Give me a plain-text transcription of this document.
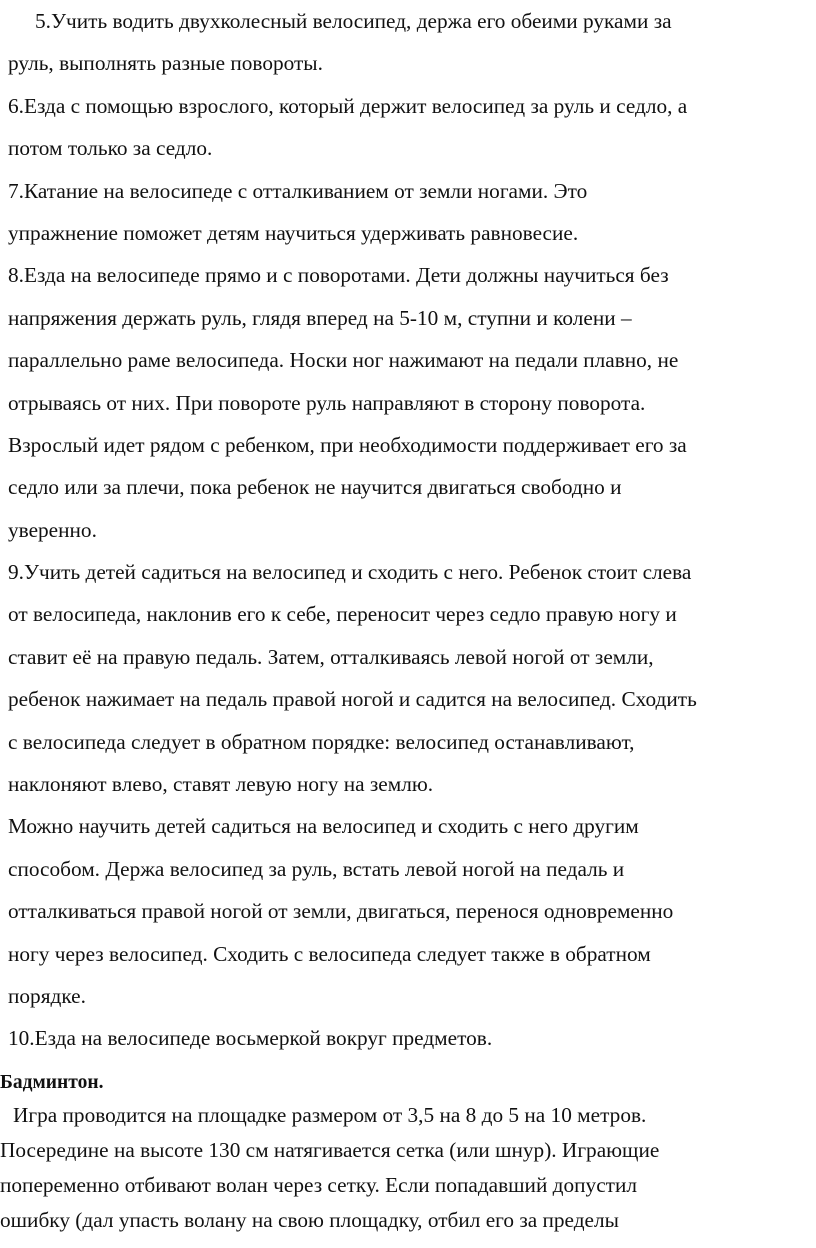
5.Учить водить двухколесный велосипед, держа его обеими руками за

руль, выполнять разные повороты.

6.Езда с помощью взрослого, который держит велосипед за руль и седло, а

потом только за седло.

7.Катание на велосипеде с отталкиванием от земли ногами. Это

упражнение поможет детям научиться удерживать равновесие.

8.Езда на велосипеде прямо и с поворотами. Дети должны научиться без

напряжения держать руль, глядя вперед на 5-10 м, ступни и колени –

параллельно раме велосипеда. Носки ног нажимают на педали плавно, не

отрываясь от них. При повороте руль направляют в сторону поворота.

Взрослый идет рядом с ребенком, при необходимости поддерживает его за

седло или за плечи, пока ребенок не научится двигаться свободно и

уверенно.

9.Учить детей садиться на велосипед и сходить с него. Ребенок стоит слева

от велосипеда, наклонив его к себе, переносит через седло правую ногу и

ставит её на правую педаль. Затем, отталкиваясь левой ногой от земли,

ребенок нажимает на педаль правой ногой и садится на велосипед. Сходить

с велосипеда следует в обратном порядке: велосипед останавливают,

наклоняют влево, ставят левую ногу на землю.

Можно научить детей садиться на велосипед и сходить с него другим

способом. Держа велосипед за руль, встать левой ногой на педаль и

отталкиваться правой ногой от земли, двигаться, перенося одновременно

ногу через велосипед. Сходить с велосипеда следует также в обратном

порядке.

10.Езда на велосипеде восьмеркой вокруг предметов.

Бадминтон.

Игра проводится на площадке размером от 3,5 на 8 до 5 на 10 метров.

Посередине на высоте 130 см натягивается сетка (или шнур). Играющие

попеременно отбивают волан через сетку. Если попадавший допустил

ошибку (дал упасть волану на свою площадку, отбил его за пределы
